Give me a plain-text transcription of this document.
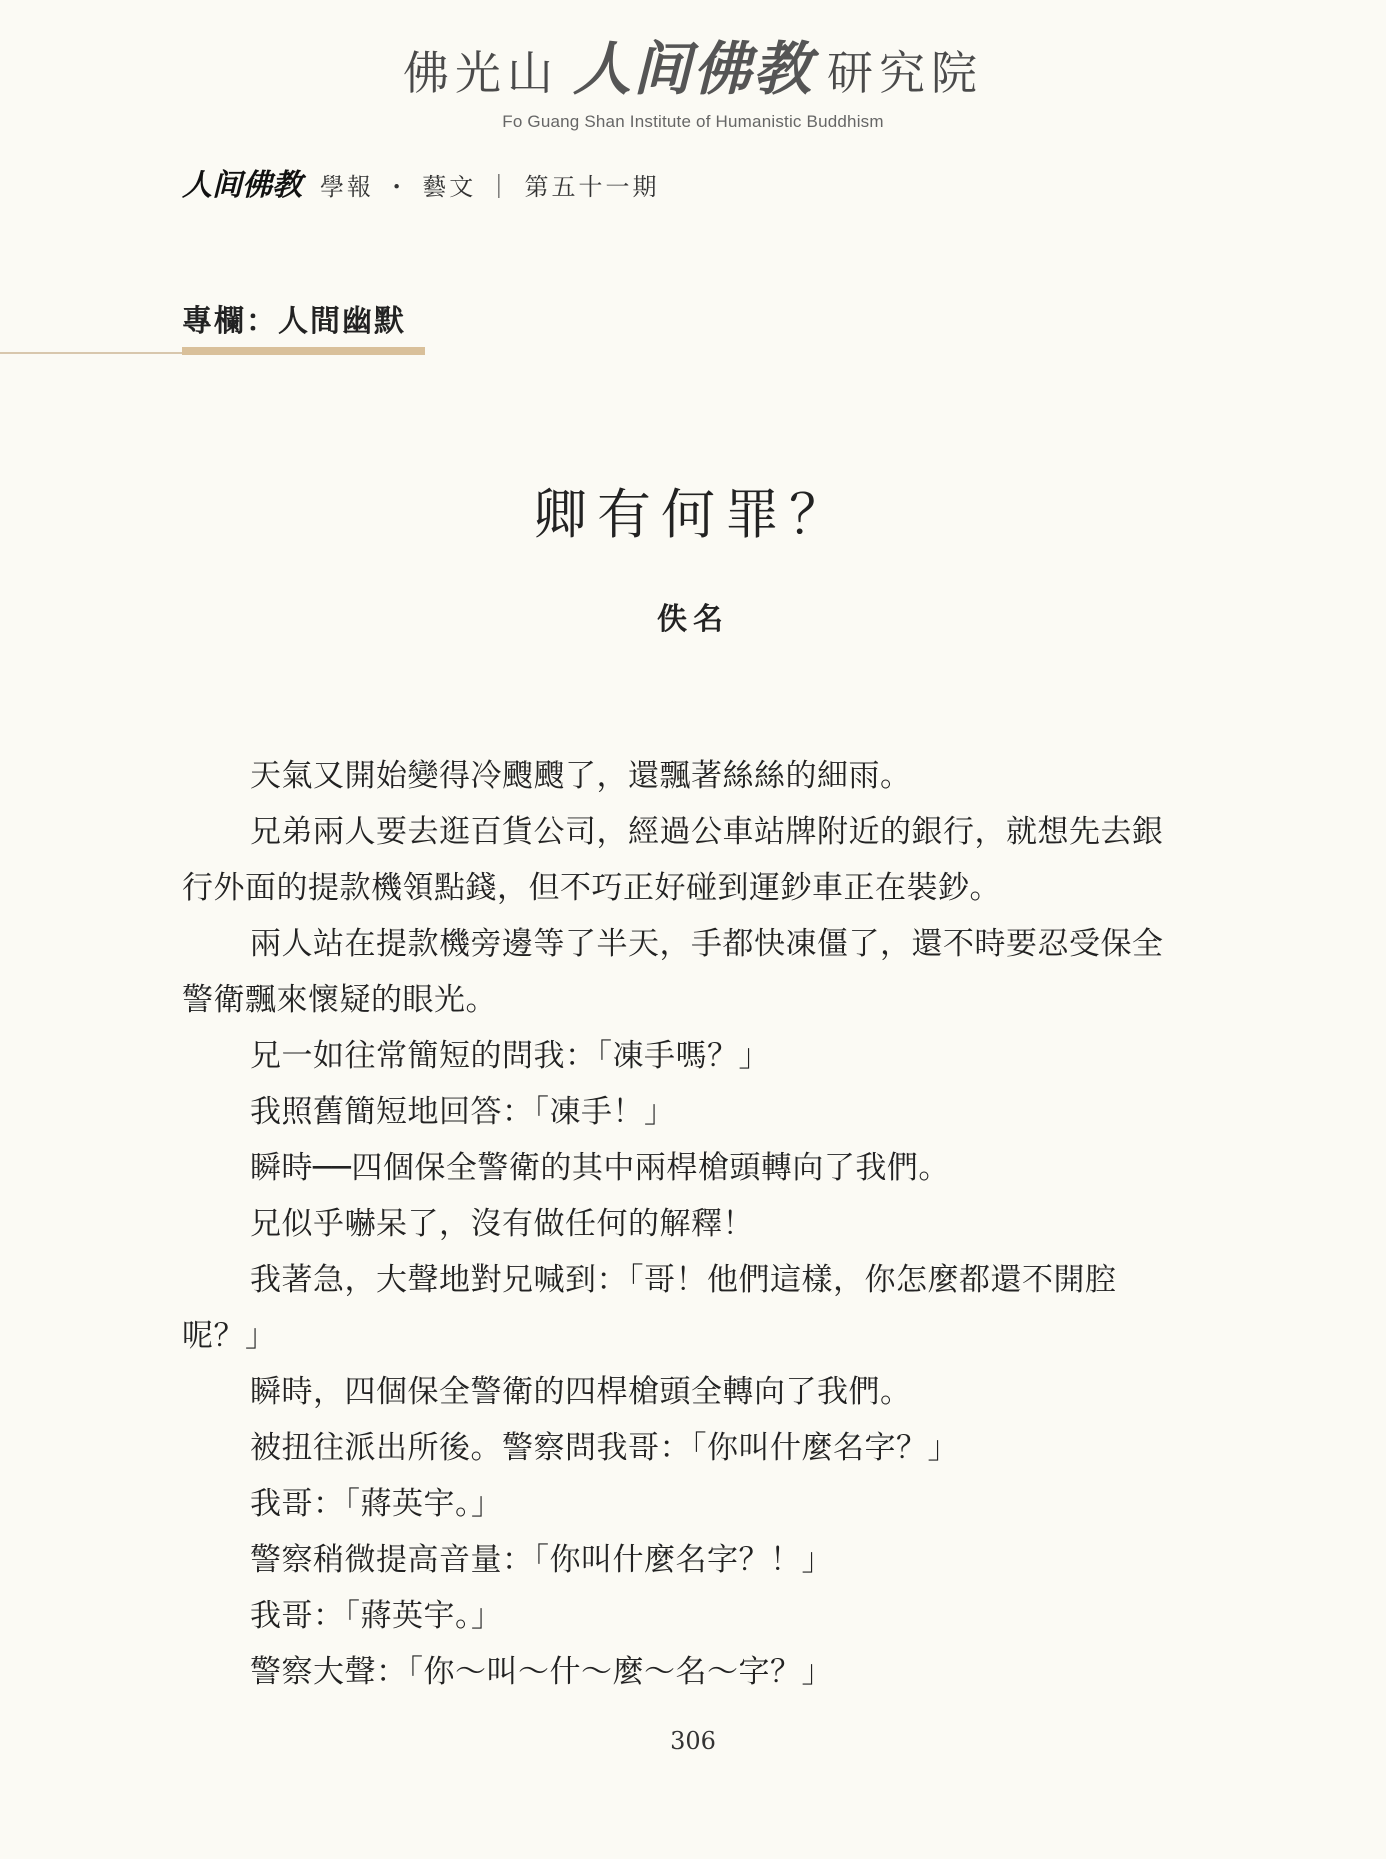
佛光山 人间佛教 研究院
Fo Guang Shan Institute of Humanistic Buddhism
人间佛教 學報 ・ 藝文 ｜ 第五十一期
專欄：人間幽默
卿有何罪？
佚名

天氣又開始變得冷颼颼了，還飄著絲絲的細雨。

兄弟兩人要去逛百貨公司，經過公車站牌附近的銀行，就想先去銀行外面的提款機領點錢，但不巧正好碰到運鈔車正在裝鈔。

兩人站在提款機旁邊等了半天，手都快凍僵了，還不時要忍受保全警衛飄來懷疑的眼光。

兄一如往常簡短的問我：「凍手嗎？」

我照舊簡短地回答：「凍手！」

瞬時──四個保全警衛的其中兩桿槍頭轉向了我們。

兄似乎嚇呆了，沒有做任何的解釋！

我著急，大聲地對兄喊到：「哥！他們這樣，你怎麼都還不開腔呢？」

瞬時，四個保全警衛的四桿槍頭全轉向了我們。

被扭往派出所後。警察問我哥：「你叫什麼名字？」

我哥：「蔣英宇。」

警察稍微提高音量：「你叫什麼名字？！」

我哥：「蔣英宇。」

警察大聲：「你～叫～什～麼～名～字？」

306
